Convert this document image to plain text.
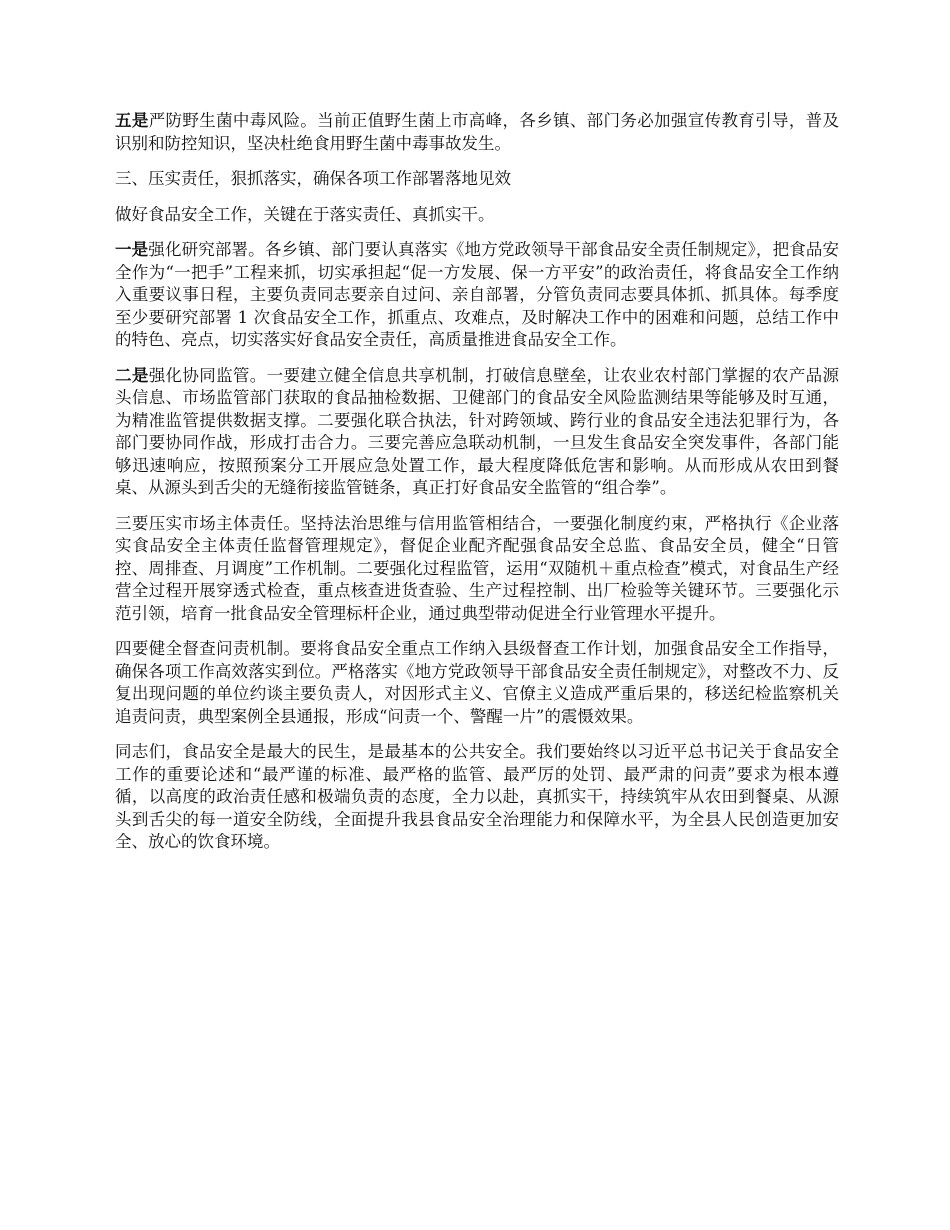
五是严防野生菌中毒风险。当前正值野生菌上市高峰，各乡镇、部门务必加强宣传教育引导，普及识别和防控知识，坚决杜绝食用野生菌中毒事故发生。

三、压实责任，狠抓落实，确保各项工作部署落地见效

做好食品安全工作，关键在于落实责任、真抓实干。

一是强化研究部署。各乡镇、部门要认真落实《地方党政领导干部食品安全责任制规定》，把食品安全作为“一把手”工程来抓，切实承担起“促一方发展、保一方平安”的政治责任，将食品安全工作纳入重要议事日程，主要负责同志要亲自过问、亲自部署，分管负责同志要具体抓、抓具体。每季度至少要研究部署 1 次食品安全工作，抓重点、攻难点，及时解决工作中的困难和问题，总结工作中的特色、亮点，切实落实好食品安全责任，高质量推进食品安全工作。

二是强化协同监管。一要建立健全信息共享机制，打破信息壁垒，让农业农村部门掌握的农产品源头信息、市场监管部门获取的食品抽检数据、卫健部门的食品安全风险监测结果等能够及时互通，为精准监管提供数据支撑。二要强化联合执法，针对跨领域、跨行业的食品安全违法犯罪行为，各部门要协同作战，形成打击合力。三要完善应急联动机制，一旦发生食品安全突发事件，各部门能够迅速响应，按照预案分工开展应急处置工作，最大程度降低危害和影响。从而形成从农田到餐桌、从源头到舌尖的无缝衔接监管链条，真正打好食品安全监管的“组合拳”。

三要压实市场主体责任。坚持法治思维与信用监管相结合，一要强化制度约束，严格执行《企业落实食品安全主体责任监督管理规定》，督促企业配齐配强食品安全总监、食品安全员，健全“日管控、周排查、月调度”工作机制。二要强化过程监管，运用“双随机＋重点检查”模式，对食品生产经营全过程开展穿透式检查，重点核查进货查验、生产过程控制、出厂检验等关键环节。三要强化示范引领，培育一批食品安全管理标杆企业，通过典型带动促进全行业管理水平提升。

四要健全督查问责机制。要将食品安全重点工作纳入县级督查工作计划，加强食品安全工作指导，确保各项工作高效落实到位。严格落实《地方党政领导干部食品安全责任制规定》，对整改不力、反复出现问题的单位约谈主要负责人，对因形式主义、官僚主义造成严重后果的，移送纪检监察机关追责问责，典型案例全县通报，形成“问责一个、警醒一片”的震慑效果。

同志们，食品安全是最大的民生，是最基本的公共安全。我们要始终以习近平总书记关于食品安全工作的重要论述和“最严谨的标准、最严格的监管、最严厉的处罚、最严肃的问责”要求为根本遵循，以高度的政治责任感和极端负责的态度，全力以赴，真抓实干，持续筑牢从农田到餐桌、从源头到舌尖的每一道安全防线，全面提升我县食品安全治理能力和保障水平，为全县人民创造更加安全、放心的饮食环境。
